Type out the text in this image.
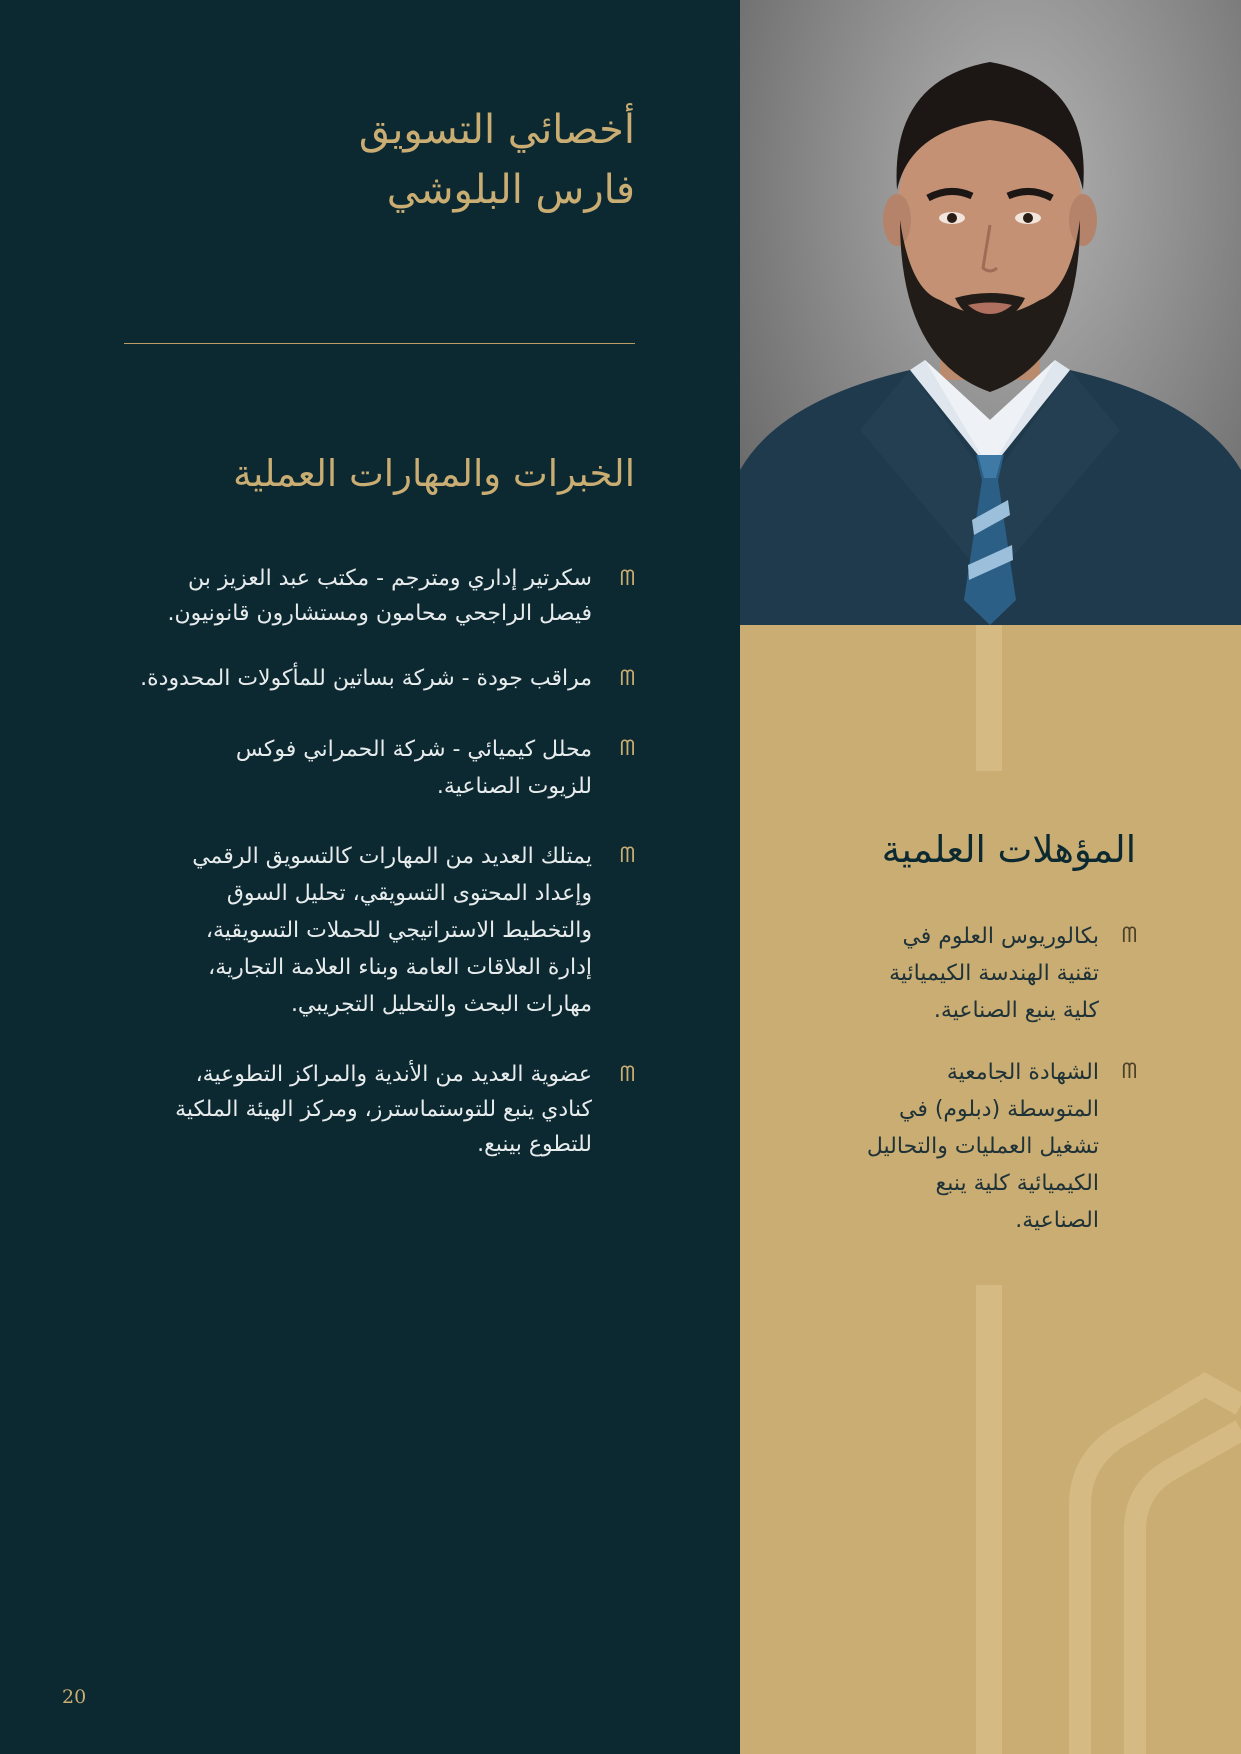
أخصائي التسويق
فارس البلوشي
الخبرات والمهارات العملية
ᗰ
سكرتير إداري ومترجم - مكتب عبد العزيز بن
فيصل الراجحي محامون ومستشارون قانونيون.
ᗰ
مراقب جودة - شركة بساتين للمأكولات المحدودة.
ᗰ
محلل كيميائي - شركة الحمراني فوكس
للزيوت الصناعية.
ᗰ
يمتلك العديد من المهارات كالتسويق الرقمي
وإعداد المحتوى التسويقي، تحليل السوق
والتخطيط الاستراتيجي للحملات التسويقية،
إدارة العلاقات العامة وبناء العلامة التجارية،
مهارات البحث والتحليل التجريبي.
ᗰ
عضوية العديد من الأندية والمراكز التطوعية،
كنادي ينبع للتوستماسترز، ومركز الهيئة الملكية
للتطوع بينبع.
المؤهلات العلمية
ᗰ
بكالوريوس العلوم في
تقنية الهندسة الكيميائية
كلية ينبع الصناعية.
ᗰ
الشهادة الجامعية
المتوسطة (دبلوم) في
تشغيل العمليات والتحاليل
الكيميائية كلية ينبع
الصناعية.
20
